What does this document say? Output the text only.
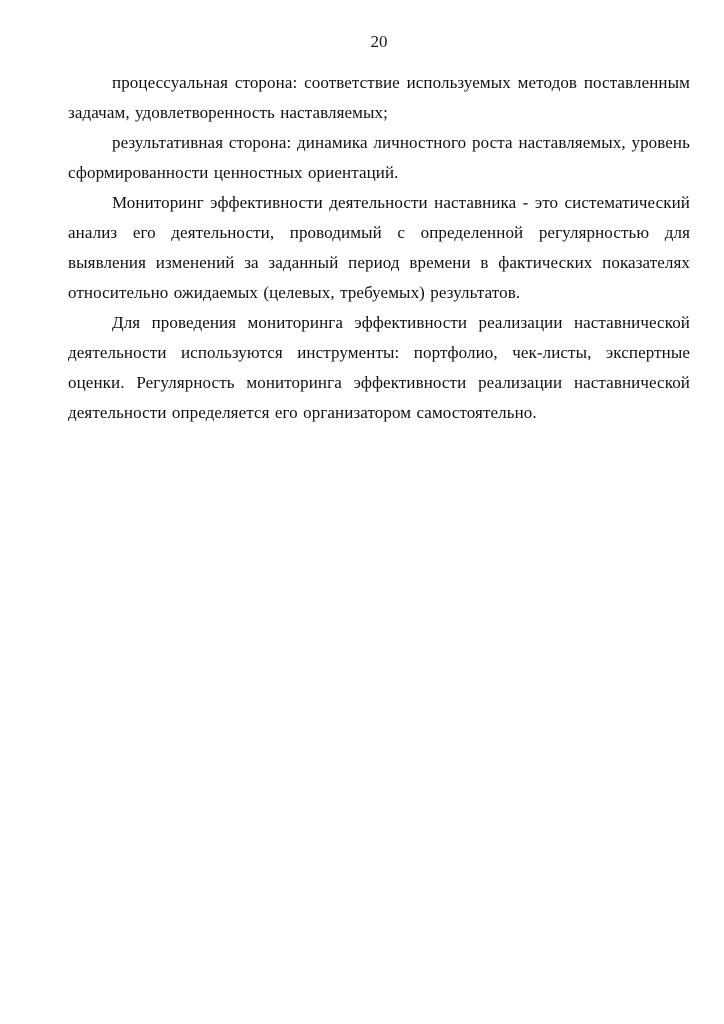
20

процессуальная сторона: соответствие используемых методов поставленным задачам, удовлетворенность наставляемых;

результативная сторона: динамика личностного роста наставляемых, уровень сформированности ценностных ориентаций.

Мониторинг эффективности деятельности наставника - это систематический анализ его деятельности, проводимый с определенной регулярностью для выявления изменений за заданный период времени в фактических показателях относительно ожидаемых (целевых, требуемых) результатов.

Для проведения мониторинга эффективности реализации наставнической деятельности используются инструменты: портфолио, чек-листы, экспертные оценки. Регулярность мониторинга эффективности реализации наставнической деятельности определяется его организатором самостоятельно.
